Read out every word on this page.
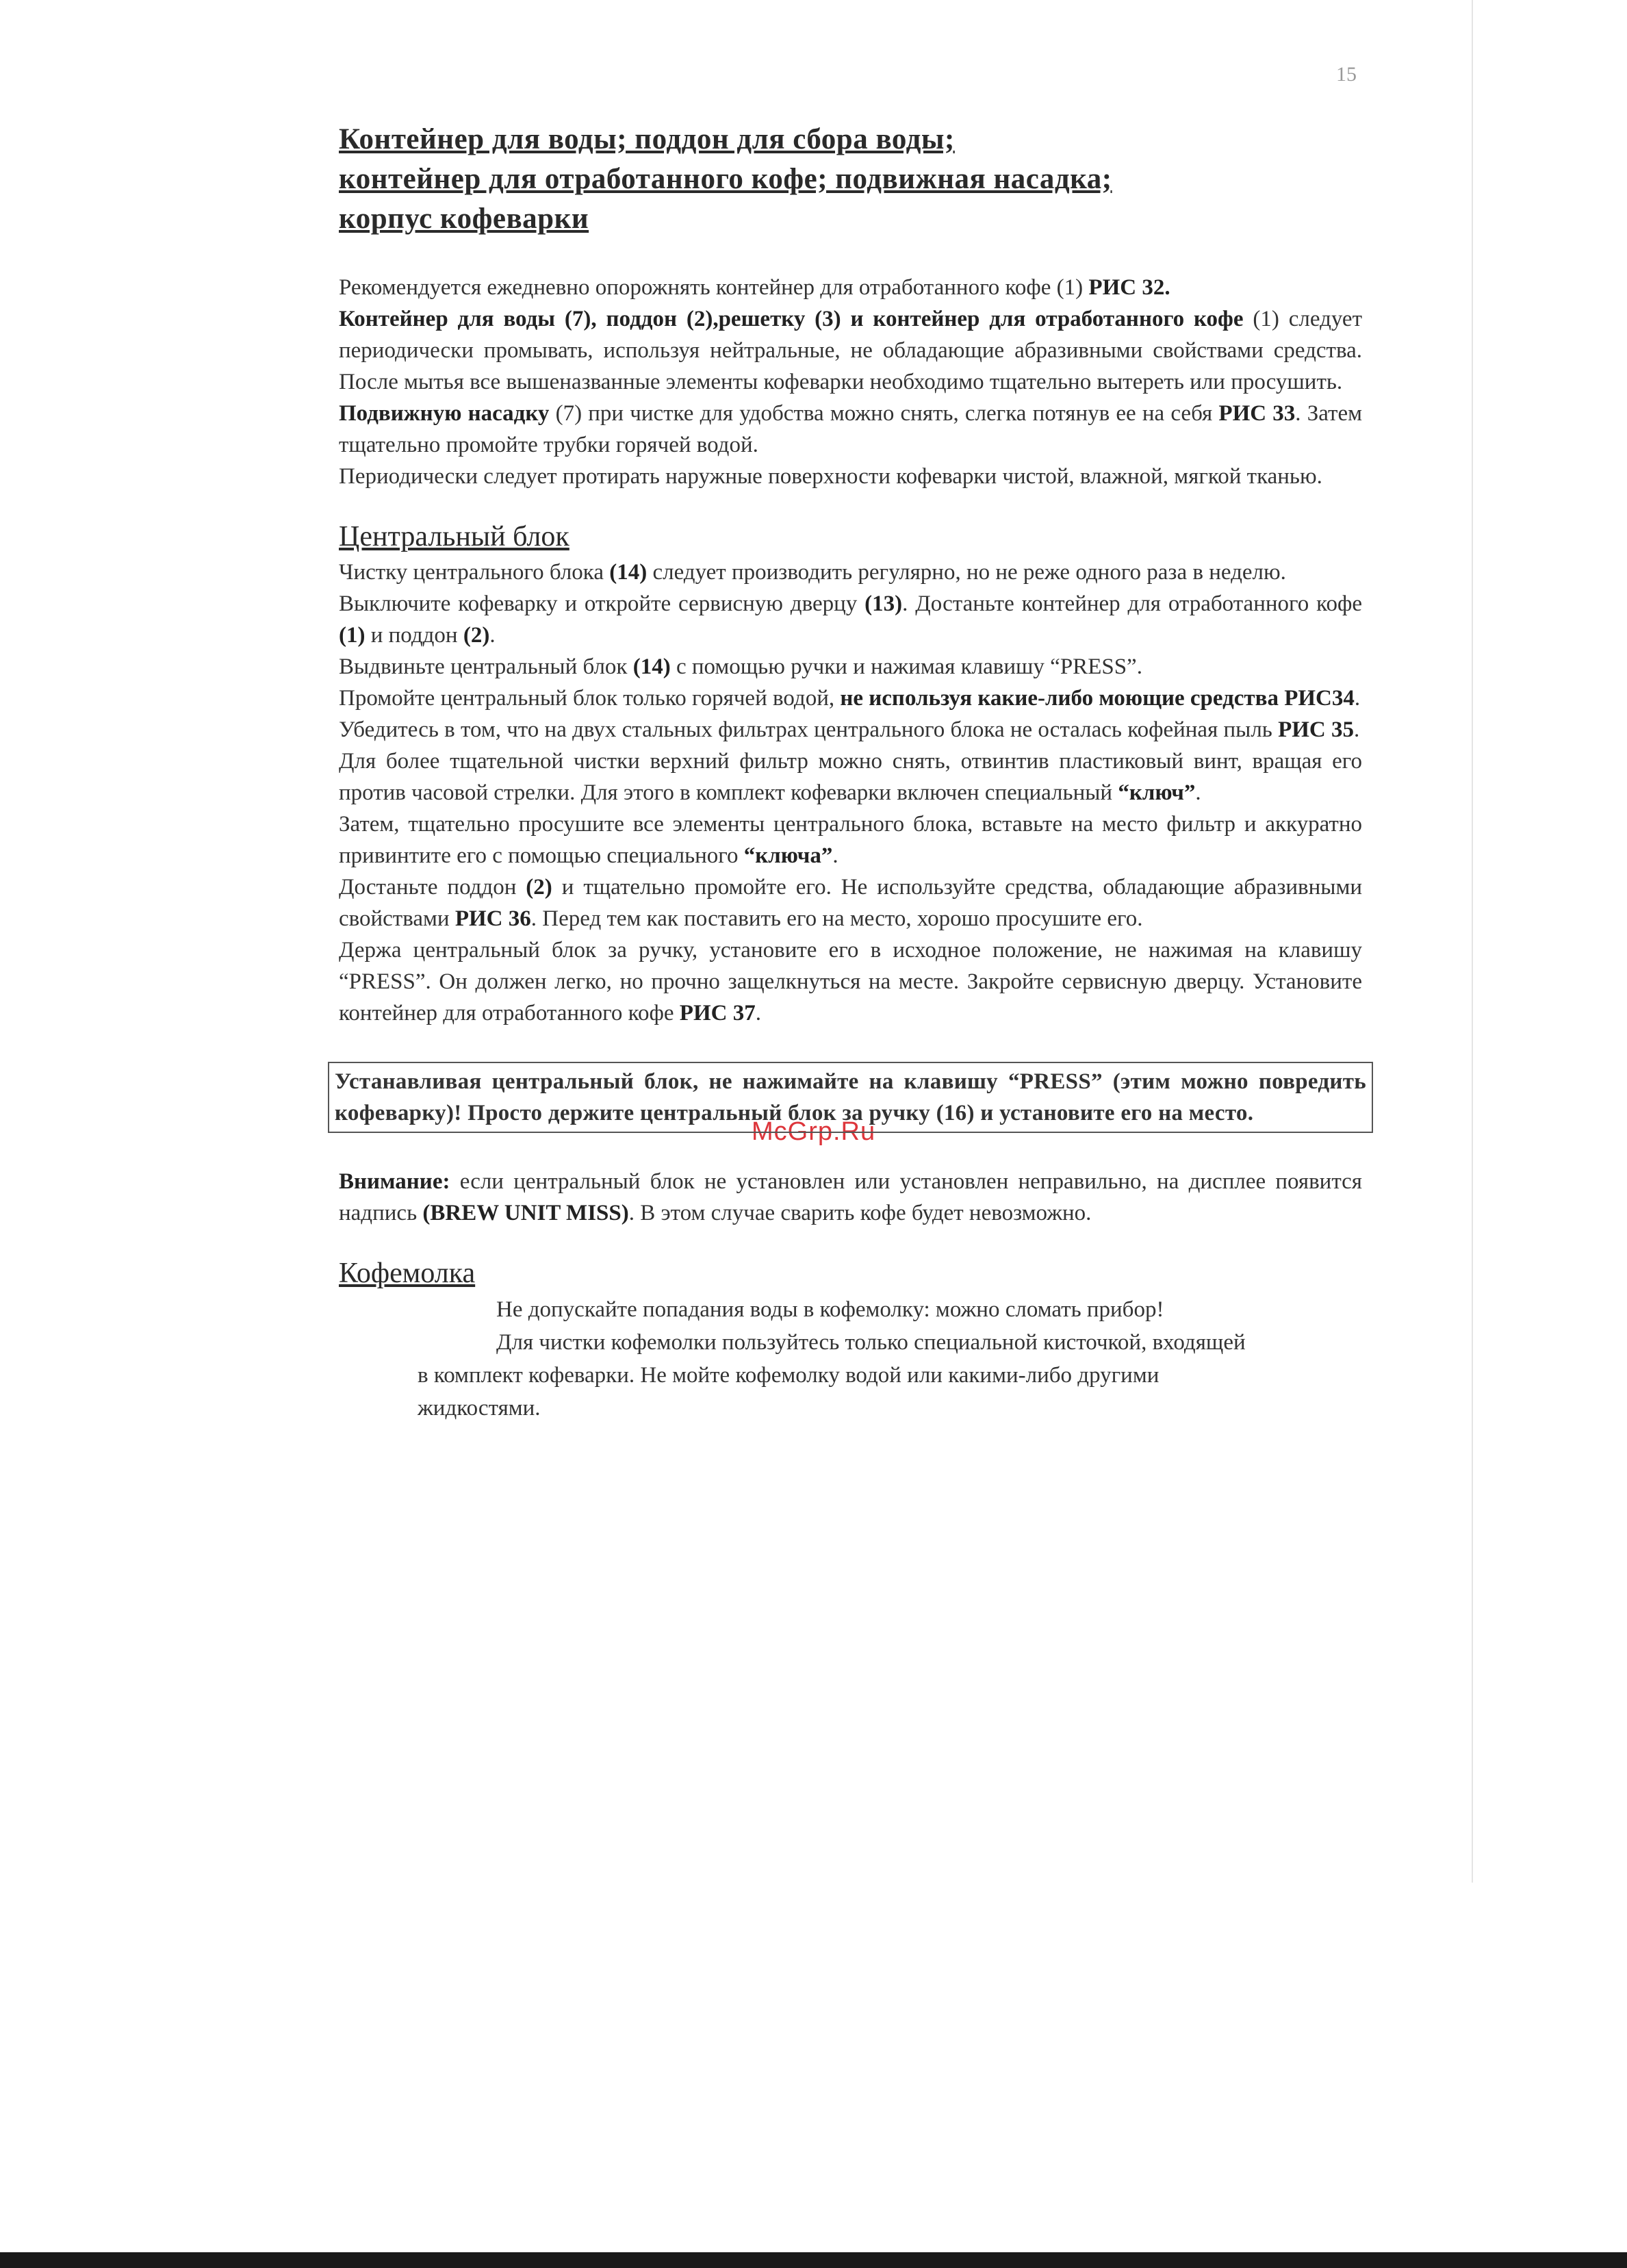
15
McGrp.Ru
Контейнер для воды; поддон для сбора воды;
контейнер для отработанного кофе; подвижная насадка;
корпус кофеварки

Рекомендуется ежедневно опорожнять контейнер для отработанного кофе (1) РИС 32.

Контейнер для воды (7), поддон (2),решетку (3) и контейнер для отработанного кофе (1) следует периодически промывать, используя нейтральные, не обладающие абразивными свойствами средства. После мытья все вышеназванные элементы кофеварки необходимо тщательно вытереть или просушить.

Подвижную насадку (7) при чистке для удобства можно снять, слегка потянув ее на себя РИС 33. Затем тщательно промойте трубки горячей водой.

Периодически следует протирать наружные поверхности кофеварки чистой, влажной, мягкой тканью.

Центральный блок

Чистку центрального блока (14) следует производить регулярно, но не реже одного раза в неделю.

Выключите кофеварку и откройте сервисную дверцу (13). Достаньте контейнер для отработанного кофе (1) и поддон (2).

Выдвиньте центральный блок (14) с помощью ручки и нажимая клавишу “PRESS”.

Промойте центральный блок только горячей водой, не используя какие-либо моющие средства РИС34.

Убедитесь в том, что на двух стальных фильтрах центрального блока не осталась кофейная пыль РИС 35.

Для более тщательной чистки верхний фильтр можно снять, отвинтив пластиковый винт, вращая его против часовой стрелки. Для этого в комплект кофеварки включен специальный “ключ”.

Затем, тщательно просушите все элементы центрального блока, вставьте на место фильтр и аккуратно привинтите его с помощью специального “ключа”.

Достаньте поддон (2) и тщательно промойте его. Не используйте средства, обладающие абразивными свойствами РИС 36. Перед тем как поставить его на место, хорошо просушите его.

Держа центральный блок за ручку, установите его в исходное положение, не нажимая на клавишу “PRESS”. Он должен легко, но прочно защелкнуться на месте. Закройте сервисную дверцу. Установите контейнер для отработанного кофе РИС 37.

Устанавливая центральный блок, не нажимайте на клавишу “PRESS” (этим можно повредить кофеварку)! Просто держите центральный блок за ручку (16) и установите его на место.

Внимание: если центральный блок не установлен или установлен неправильно, на дисплее появится надпись (BREW UNIT MISS). В этом случае сварить кофе будет невозможно.

Кофемолка

Не допускайте попадания воды в кофемолку: можно сломать прибор!

Для чистки кофемолки пользуйтесь только специальной кисточкой, входящей в комплект кофеварки. Не мойте кофемолку водой или какими-либо другими жидкостями.
